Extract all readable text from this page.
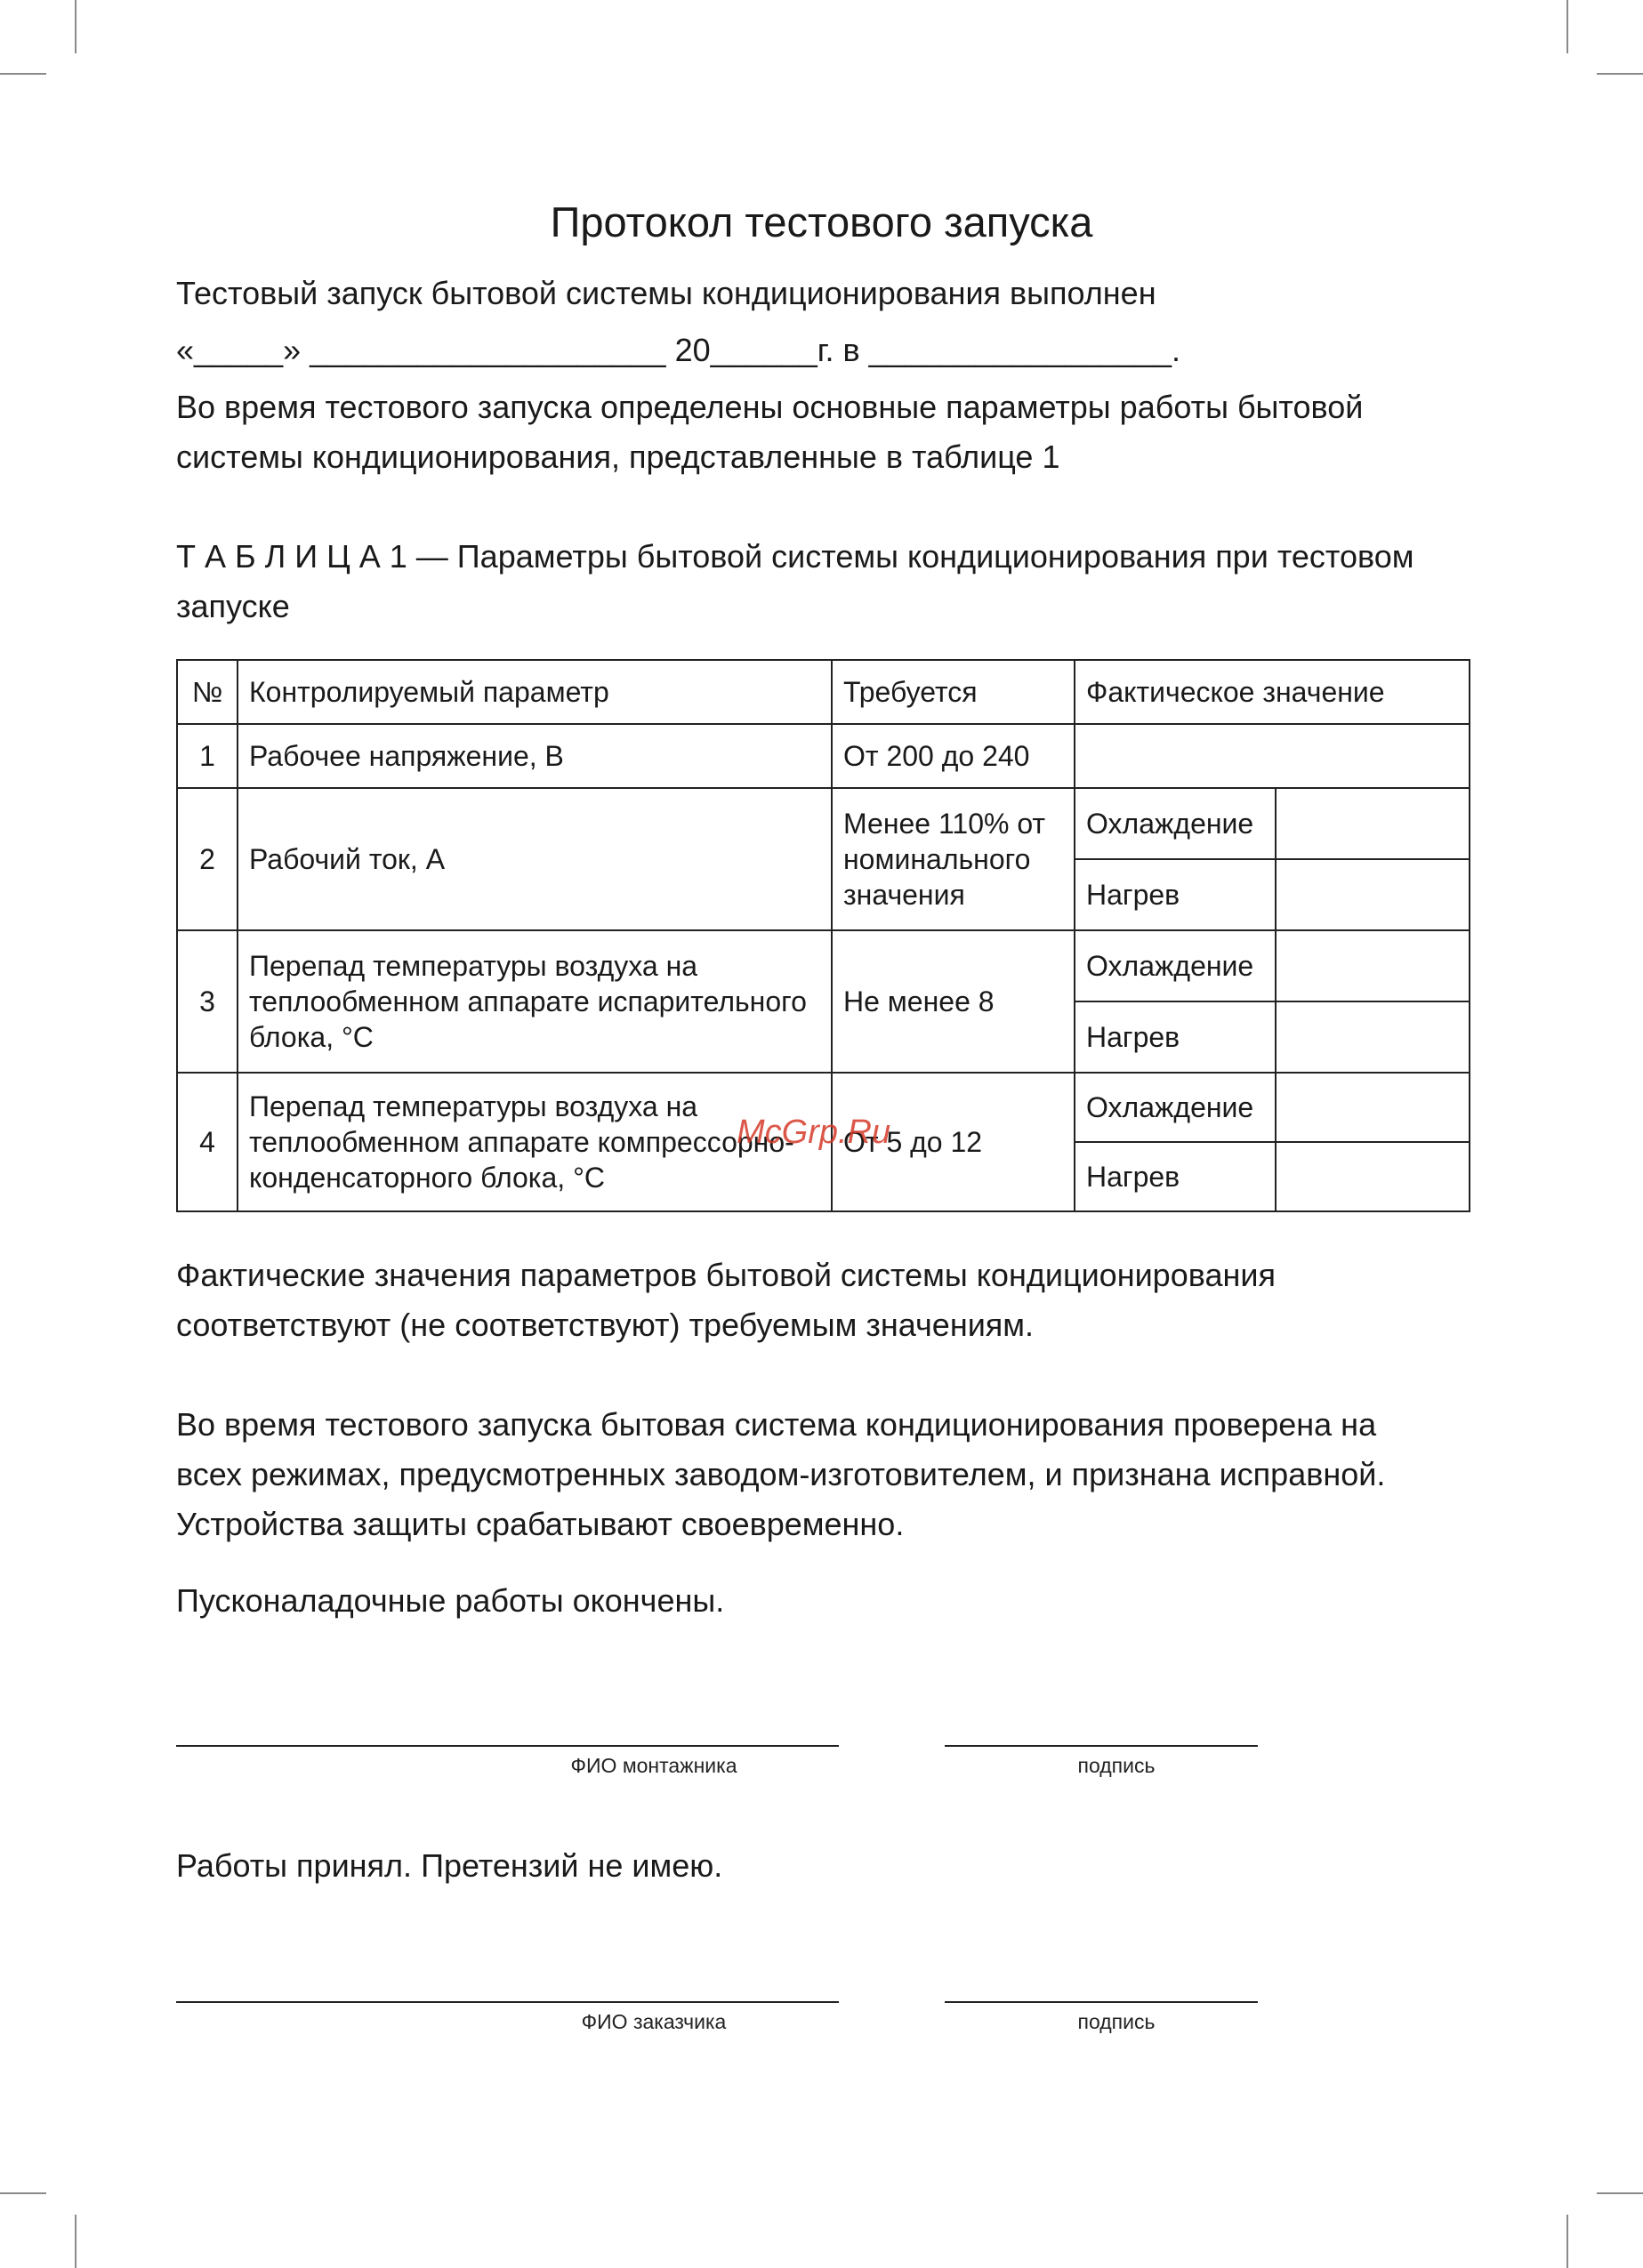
Протокол тестового запуска

Тестовый запуск бытовой системы кондиционирования выполнен

«_____» ____________________ 20______г. в _________________.

Во время тестового запуска определены основные параметры работы бытовой

системы кондиционирования, представленные в таблице 1

Т А Б Л И Ц А 1 — Параметры бытовой системы кондиционирования при тестовом

запуске

№	Контролируемый параметр	Требуется	Фактическое значение	
1	Рабочее напряжение, В	От 200 до 240		
2	Рабочий ток, А	Менее 110% от номинального значения	Охлаждение	
			Нагрев	
3	Перепад температуры воздуха на теплообменном аппарате испарительного блока, °C	Не менее 8	Охлаждение	
			Нагрев	
4	Перепад температуры воздуха на теплообменном аппарате компрессорно-конденсаторного блока, °C	От 5 до 12	Охлаждение	
			Нагрев	
McGrp.Ru

Фактические значения параметров бытовой системы кондиционирования

соответствуют (не соответствуют) требуемым значениям.

Во время тестового запуска бытовая система кондиционирования проверена на

всех режимах, предусмотренных заводом-изготовителем, и признана исправной.

Устройства защиты срабатывают своевременно.

Пусконаладочные работы окончены.

ФИО монтажника	подпись

Работы принял. Претензий не имею.

ФИО заказчика	подпись
